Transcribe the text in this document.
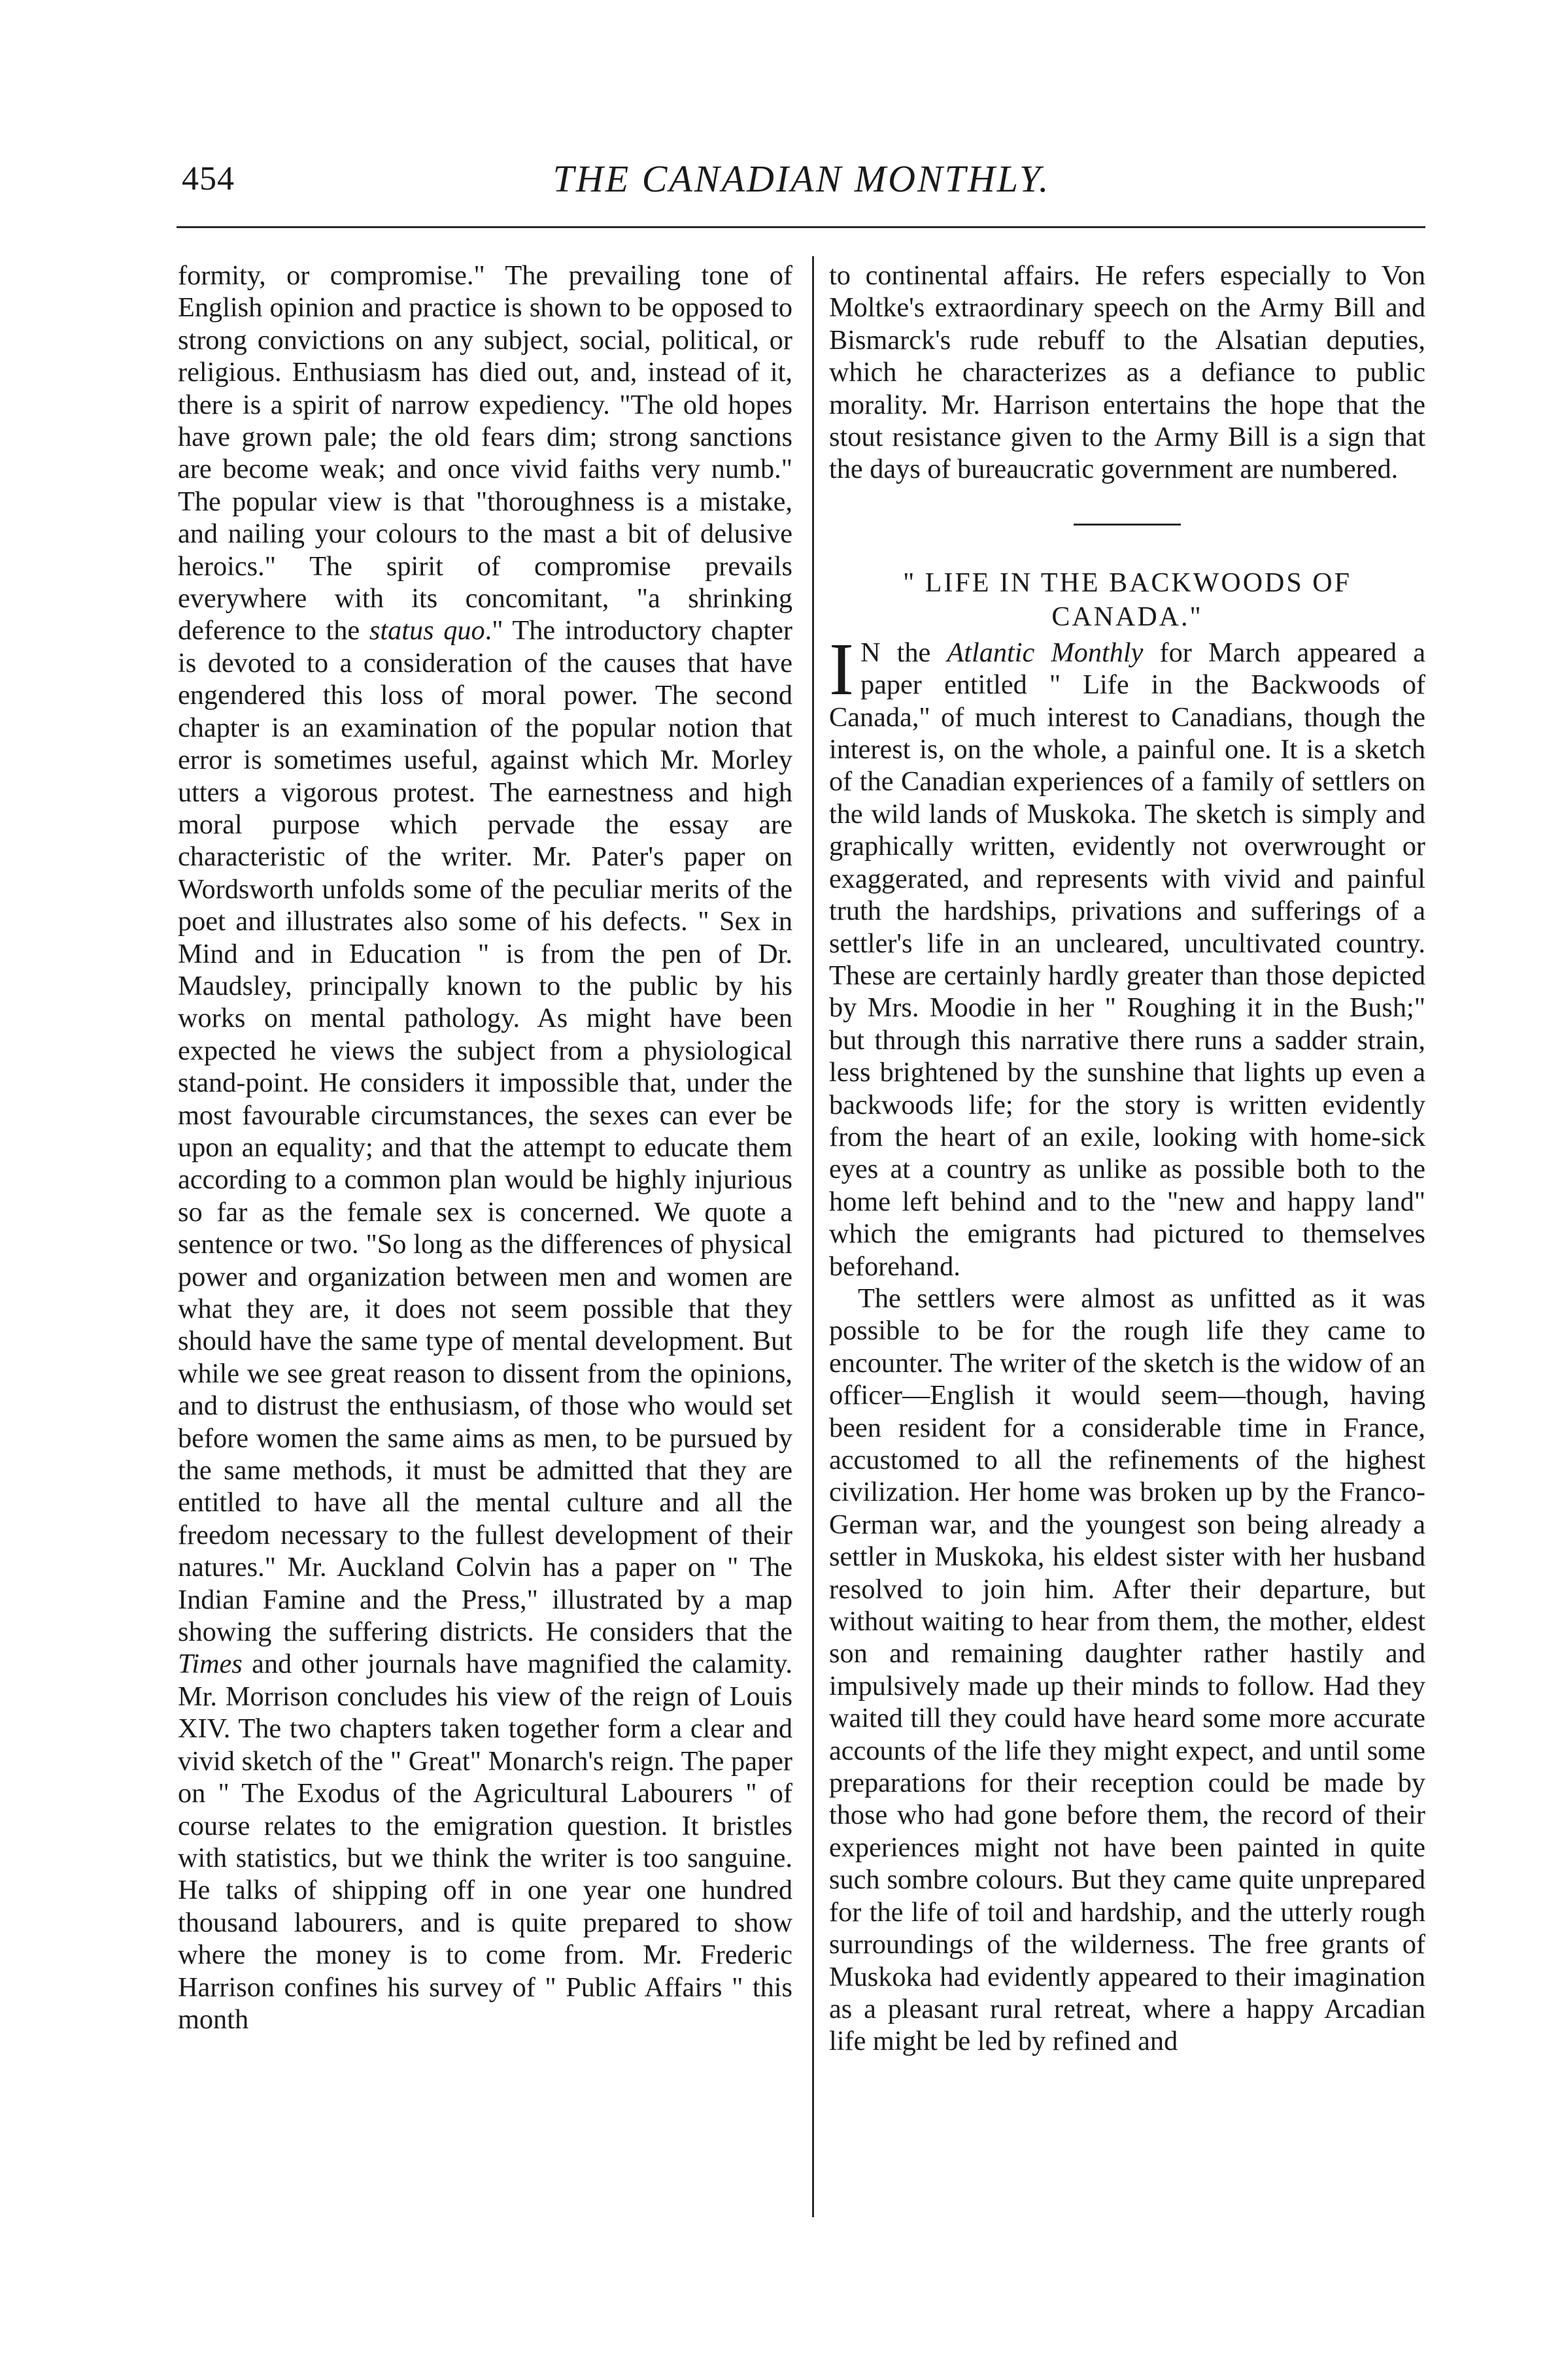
454	THE CANADIAN MONTHLY.

formity, or compromise." The prevailing tone of English opinion and practice is shown to be opposed to strong convictions on any subject, social, political, or religious. Enthusiasm has died out, and, instead of it, there is a spirit of narrow expediency. "The old hopes have grown pale; the old fears dim; strong sanctions are become weak; and once vivid faiths very numb." The popular view is that "thoroughness is a mistake, and nailing your colours to the mast a bit of delusive heroics." The spirit of compromise prevails everywhere with its concomitant, "a shrinking deference to the status quo." The introductory chapter is devoted to a consideration of the causes that have engendered this loss of moral power. The second chapter is an examination of the popular notion that error is sometimes useful, against which Mr. Morley utters a vigorous protest. The earnestness and high moral purpose which pervade the essay are characteristic of the writer. Mr. Pater's paper on Wordsworth unfolds some of the peculiar merits of the poet and illustrates also some of his defects. " Sex in Mind and in Education " is from the pen of Dr. Maudsley, principally known to the public by his works on mental pathology. As might have been expected he views the subject from a physiological stand-point. He considers it impossible that, under the most favourable circumstances, the sexes can ever be upon an equality; and that the attempt to educate them according to a common plan would be highly injurious so far as the female sex is concerned. We quote a sentence or two. "So long as the differences of physical power and organization between men and women are what they are, it does not seem possible that they should have the same type of mental development. But while we see great reason to dissent from the opinions, and to distrust the enthusiasm, of those who would set before women the same aims as men, to be pursued by the same methods, it must be admitted that they are entitled to have all the mental culture and all the freedom necessary to the fullest development of their natures." Mr. Auckland Colvin has a paper on " The Indian Famine and the Press," illustrated by a map showing the suffering districts. He considers that the Times and other journals have magnified the calamity. Mr. Morrison concludes his view of the reign of Louis XIV. The two chapters taken together form a clear and vivid sketch of the " Great" Monarch's reign. The paper on " The Exodus of the Agricultural Labourers " of course relates to the emigration question. It bristles with statistics, but we think the writer is too sanguine. He talks of shipping off in one year one hundred thousand labourers, and is quite prepared to show where the money is to come from. Mr. Frederic Harrison confines his survey of " Public Affairs " this month

to continental affairs. He refers especially to Von Moltke's extraordinary speech on the Army Bill and Bismarck's rude rebuff to the Alsatian deputies, which he characterizes as a defiance to public morality. Mr. Harrison entertains the hope that the stout resistance given to the Army Bill is a sign that the days of bureaucratic government are numbered.

" LIFE IN THE BACKWOODS OF
CANADA."

I N the Atlantic Monthly for March appeared a paper entitled " Life in the Backwoods of Canada," of much interest to Canadians, though the interest is, on the whole, a painful one. It is a sketch of the Canadian experiences of a family of settlers on the wild lands of Muskoka. The sketch is simply and graphically written, evidently not overwrought or exaggerated, and represents with vivid and painful truth the hardships, privations and sufferings of a settler's life in an uncleared, uncultivated country. These are certainly hardly greater than those depicted by Mrs. Moodie in her " Roughing it in the Bush;" but through this narrative there runs a sadder strain, less brightened by the sunshine that lights up even a backwoods life; for the story is written evidently from the heart of an exile, looking with home-sick eyes at a country as unlike as possible both to the home left behind and to the "new and happy land" which the emigrants had pictured to themselves beforehand.

The settlers were almost as unfitted as it was possible to be for the rough life they came to encounter. The writer of the sketch is the widow of an officer—English it would seem—though, having been resident for a considerable time in France, accustomed to all the refinements of the highest civilization. Her home was broken up by the Franco-German war, and the youngest son being already a settler in Muskoka, his eldest sister with her husband resolved to join him. After their departure, but without waiting to hear from them, the mother, eldest son and remaining daughter rather hastily and impulsively made up their minds to follow. Had they waited till they could have heard some more accurate accounts of the life they might expect, and until some preparations for their reception could be made by those who had gone before them, the record of their experiences might not have been painted in quite such sombre colours. But they came quite unprepared for the life of toil and hardship, and the utterly rough surroundings of the wilderness. The free grants of Muskoka had evidently appeared to their imagination as a pleasant rural retreat, where a happy Arcadian life might be led by refined and
